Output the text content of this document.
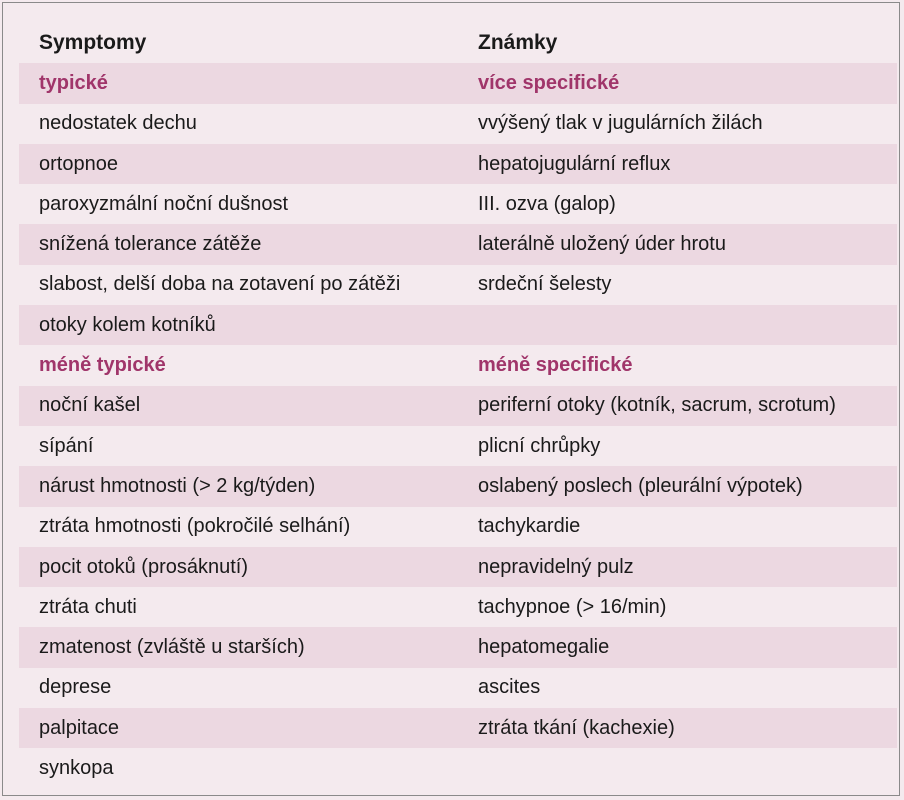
Symptomy	Známky
typické	více specifické
nedostatek dechu	vvýšený tlak v jugulárních žilách
ortopnoe	hepatojugulární reflux
paroxyzmální noční dušnost	III. ozva (galop)
snížená tolerance zátěže	laterálně uložený úder hrotu
slabost, delší doba na zotavení po zátěži	srdeční šelesty
otoky kolem kotníků
méně typické	méně specifické
noční kašel	periferní otoky (kotník, sacrum, scrotum)
sípání	plicní chrůpky
nárust hmotnosti (> 2 kg/týden)	oslabený poslech (pleurální výpotek)
ztráta hmotnosti (pokročilé selhání)	tachykardie
pocit otoků (prosáknutí)	nepravidelný pulz
ztráta chuti	tachypnoe (> 16/min)
zmatenost (zvláště u starších)	hepatomegalie
deprese	ascites
palpitace	ztráta tkání (kachexie)
synkopa
